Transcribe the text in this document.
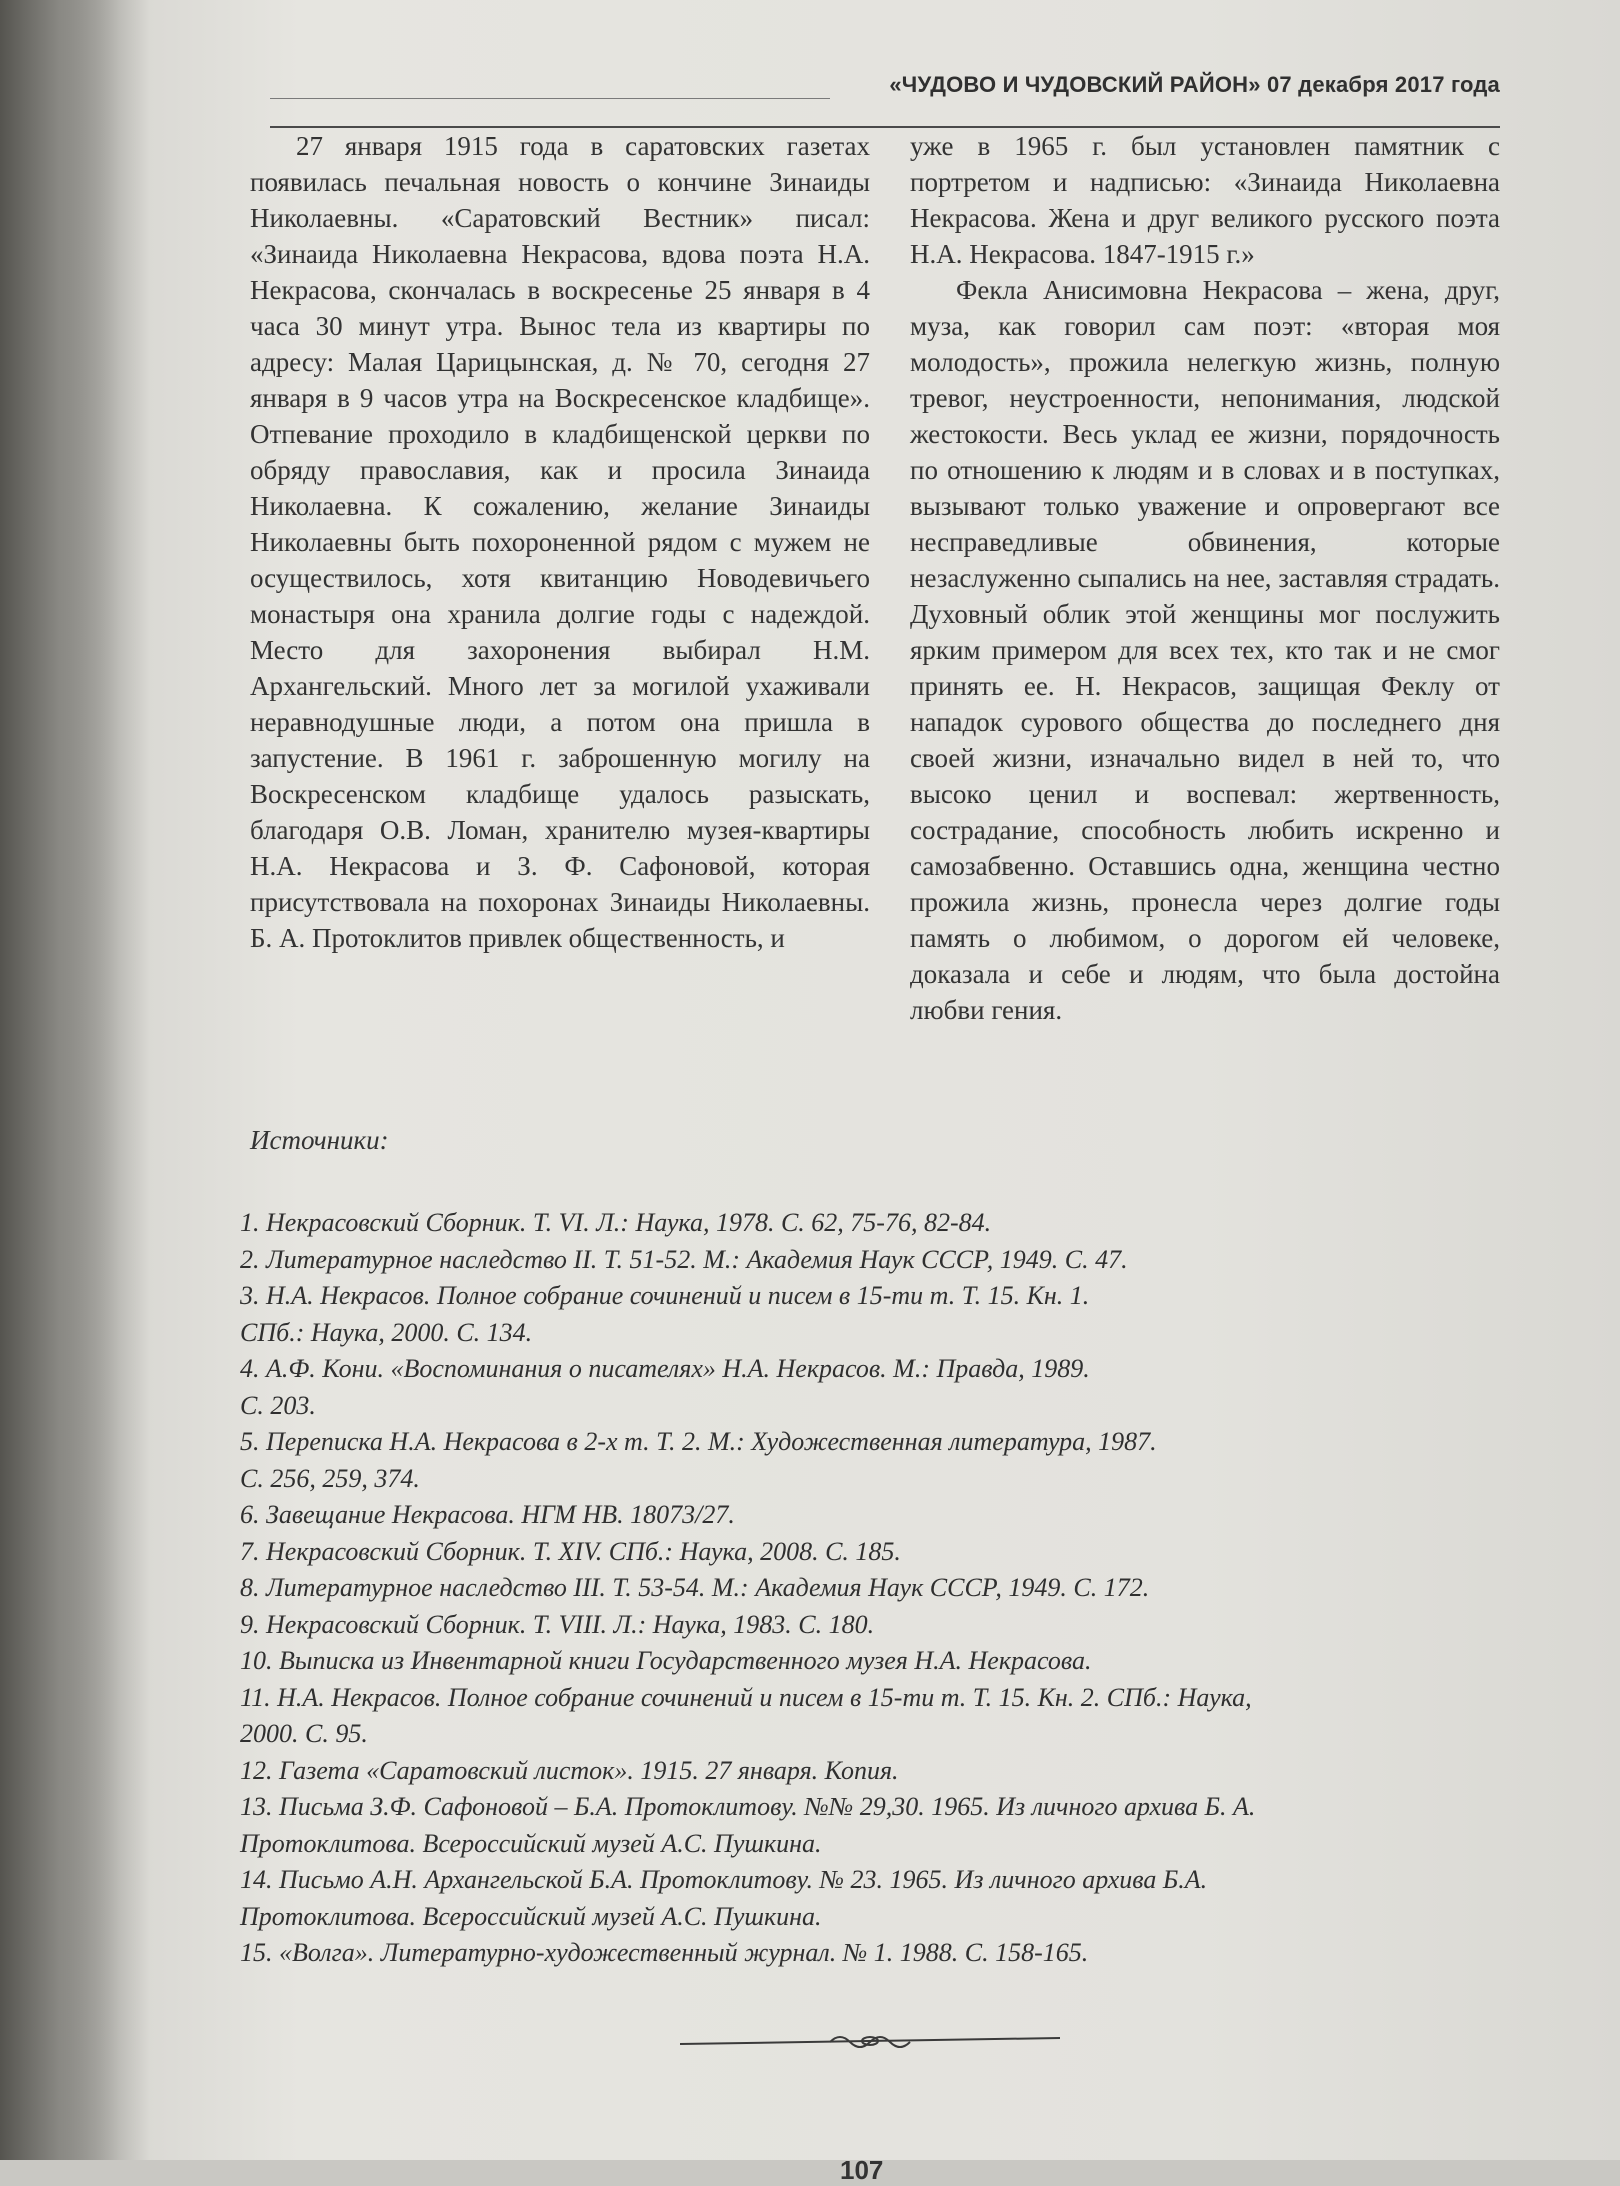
«ЧУДОВО И ЧУДОВСКИЙ РАЙОН» 07 декабря 2017 года

27 января 1915 года в саратовских газетах появилась печальная новость о кончине Зинаиды Николаевны. «Саратовский Вестник» писал: «Зинаида Николаевна Некрасова, вдова поэта Н.А. Некрасова, скончалась в воскресенье 25 января в 4 часа 30 минут утра. Вынос тела из квартиры по адресу: Малая Царицынская, д. № 70, сегодня 27 января в 9 часов утра на Воскресенское кладбище». Отпевание проходило в кладбищенской церкви по обряду православия, как и просила Зинаида Николаевна. К сожалению, желание Зинаиды Николаевны быть похороненной рядом с мужем не осуществилось, хотя квитанцию Новодевичьего монастыря она хранила долгие годы с надеждой. Место для захоронения выбирал Н.М. Архангельский. Много лет за могилой ухаживали неравнодушные люди, а потом она пришла в запустение. В 1961 г. заброшенную могилу на Воскресенском кладбище удалось разыскать, благодаря О.В. Ломан, хранителю музея-квартиры Н.А. Некрасова и З. Ф. Сафоновой, которая присутствовала на похоронах Зинаиды Николаевны. Б. А. Протоклитов привлек общественность, и

уже в 1965 г. был установлен памятник с портретом и надписью: «Зинаида Николаевна Некрасова. Жена и друг великого русского поэта Н.А. Некрасова. 1847-1915 г.»

Фекла Анисимовна Некрасова – жена, друг, муза, как говорил сам поэт: «вторая моя молодость», прожила нелегкую жизнь, полную тревог, неустроенности, непонимания, людской жестокости. Весь уклад ее жизни, порядочность по отношению к людям и в словах и в поступках, вызывают только уважение и опровергают все несправедливые обвинения, которые незаслуженно сыпались на нее, заставляя страдать. Духовный облик этой женщины мог послужить ярким примером для всех тех, кто так и не смог принять ее. Н. Некрасов, защищая Феклу от нападок сурового общества до последнего дня своей жизни, изначально видел в ней то, что высоко ценил и воспевал: жертвенность, сострадание, способность любить искренно и самозабвенно. Оставшись одна, женщина честно прожила жизнь, пронесла через долгие годы память о любимом, о дорогом ей человеке, доказала и себе и людям, что была достойна любви гения.

Источники:
1. Некрасовский Сборник. Т. VI. Л.: Наука, 1978. С. 62, 75-76, 82-84.
2. Литературное наследство II. Т. 51-52. М.: Академия Наук СССР, 1949. С. 47.
3. Н.А. Некрасов. Полное собрание сочинений и писем в 15-ти т. Т. 15. Кн. 1.
СПб.: Наука, 2000. С. 134.
4. А.Ф. Кони. «Воспоминания о писателях» Н.А. Некрасов. М.: Правда, 1989.
С. 203.
5. Переписка Н.А. Некрасова в 2-х т. Т. 2. М.: Художественная литература, 1987.
С. 256, 259, 374.
6. Завещание Некрасова. НГМ НВ. 18073/27.
7. Некрасовский Сборник. Т. XIV. СПб.: Наука, 2008. С. 185.
8. Литературное наследство III. Т. 53-54. М.: Академия Наук СССР, 1949. С. 172.
9. Некрасовский Сборник. Т. VIII. Л.: Наука, 1983. С. 180.
10. Выписка из Инвентарной книги Государственного музея Н.А. Некрасова.
11. Н.А. Некрасов. Полное собрание сочинений и писем в 15-ти т. Т. 15. Кн. 2. СПб.: Наука,
2000. С. 95.
12. Газета «Саратовский листок». 1915. 27 января. Копия.
13. Письма З.Ф. Сафоновой – Б.А. Протоклитову. №№ 29,30. 1965. Из личного архива Б. А.
Протоклитова. Всероссийский музей А.С. Пушкина.
14. Письмо А.Н. Архангельской Б.А. Протоклитову. № 23. 1965. Из личного архива Б.А.
Протоклитова. Всероссийский музей А.С. Пушкина.
15. «Волга». Литературно-художественный журнал. № 1. 1988. С. 158-165.
107
